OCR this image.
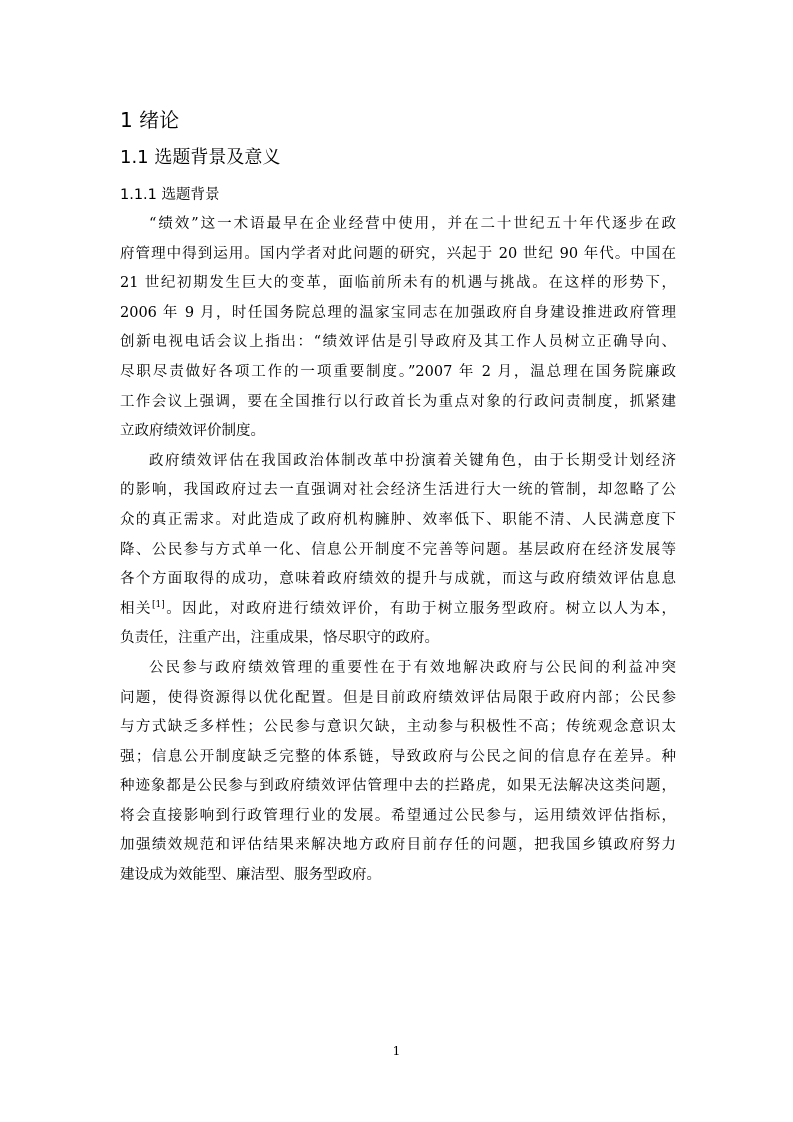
1 绪论
1.1 选题背景及意义
1.1.1 选题背景

“绩效”这一术语最早在企业经营中使用，并在二十世纪五十年代逐步在政
府管理中得到运用。国内学者对此问题的研究，兴起于 20 世纪 90 年代。中国在
21 世纪初期发生巨大的变革，面临前所未有的机遇与挑战。在这样的形势下，
2006 年 9 月，时任国务院总理的温家宝同志在加强政府自身建设推进政府管理
创新电视电话会议上指出：“绩效评估是引导政府及其工作人员树立正确导向、
尽职尽责做好各项工作的一项重要制度。”2007 年 2 月，温总理在国务院廉政
工作会议上强调，要在全国推行以行政首长为重点对象的行政问责制度，抓紧建
立政府绩效评价制度。

政府绩效评估在我国政治体制改革中扮演着关键角色，由于长期受计划经济
的影响，我国政府过去一直强调对社会经济生活进行大一统的管制，却忽略了公
众的真正需求。对此造成了政府机构臃肿、效率低下、职能不清、人民满意度下
降、公民参与方式单一化、信息公开制度不完善等问题。基层政府在经济发展等
各个方面取得的成功，意味着政府绩效的提升与成就，而这与政府绩效评估息息
相关[1]。因此，对政府进行绩效评价，有助于树立服务型政府。树立以人为本，
负责任，注重产出，注重成果，恪尽职守的政府。

公民参与政府绩效管理的重要性在于有效地解决政府与公民间的利益冲突
问题，使得资源得以优化配置。但是目前政府绩效评估局限于政府内部；公民参
与方式缺乏多样性；公民参与意识欠缺，主动参与积极性不高；传统观念意识太
强；信息公开制度缺乏完整的体系链，导致政府与公民之间的信息存在差异。种
种迹象都是公民参与到政府绩效评估管理中去的拦路虎，如果无法解决这类问题，
将会直接影响到行政管理行业的发展。希望通过公民参与，运用绩效评估指标，
加强绩效规范和评估结果来解决地方政府目前存任的问题，把我国乡镇政府努力
建设成为效能型、廉洁型、服务型政府。

1
